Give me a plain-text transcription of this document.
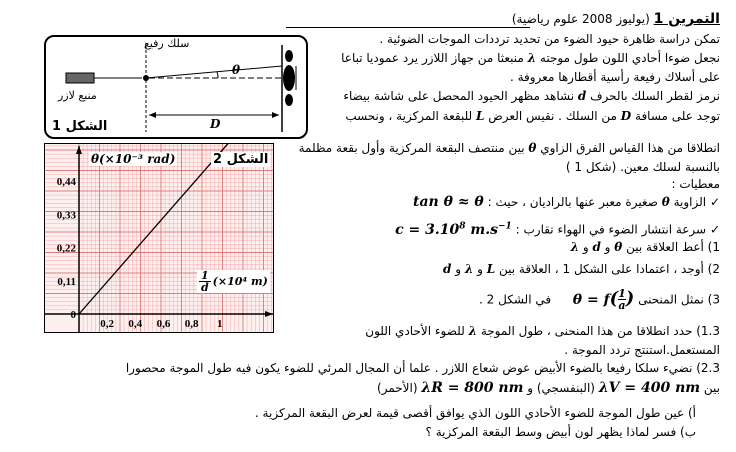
التمرين 1 (يوليوز 2008 علوم رياضية)
سلك رفيع
منبع لازر
θ
D
الشكل 1
تمكن دراسة ظاهرة حيود الضوء من تحديد ترددات الموجات الضوئية .
نجعل ضوءا أحادي اللون طول موجته λ منبعثا من جهاز اللازر يرد عموديا تباعا
على أسلاك رفيعة رأسية أقطارها معروفة .
نرمز لقطر السلك بالحرف d نشاهد مظهر الحيود المحصل على شاشة بيضاء
توجد على مسافة D من السلك . نقيس العرض L للبقعة المركزية ، ونحسب
0,44
0,33
0,22
0,11
0
0,2 0,4 0,6 0,8 1
θ(×10⁻³ rad)	الشكل 2
1
d (×10⁴ m)
انطلاقا من هذا القياس الفرق الزاوي θ بين منتصف البقعة المركزية وأول بقعة مظلمة
بالنسبة لسلك معين. (شكل 1 )
معطيات :
✓ الزاوية θ صغيرة معبر عنها بالراديان ، حيث : tan θ ≈ θ
✓ سرعة انتشار الضوء في الهواء تقارب : $c = 3.10^8$ $m.s^{-1}$
1) أعط العلاقة بين θ و d و λ
2) أوجد ، اعتمادا على الشكل 1 ، العلاقة بين L و λ و d
3) نمثل المنحنى $\theta = f( \frac{1}{a}$ )  في الشكل 2 .
1.3) حدد انطلاقا من هذا المنحنى ، طول الموجة λ للضوء الأحادي اللون
المستعمل.استنتج تردد الموجة .
2.3) نضيء سلكا رفيعا بالضوء الأبيض عوض شعاع اللازر . علما أن المجال المرئي للضوء يكون فيه طول الموجة محصورا
بين λV = 400 nm (البنفسجي) و λR = 800 nm (الأحمر)
أ) عين طول الموجة للضوء الأحادي اللون الذي يوافق أقصى قيمة لعرض البقعة المركزية .
ب) فسر لماذا يظهر لون أبيض وسط البقعة المركزية ؟
